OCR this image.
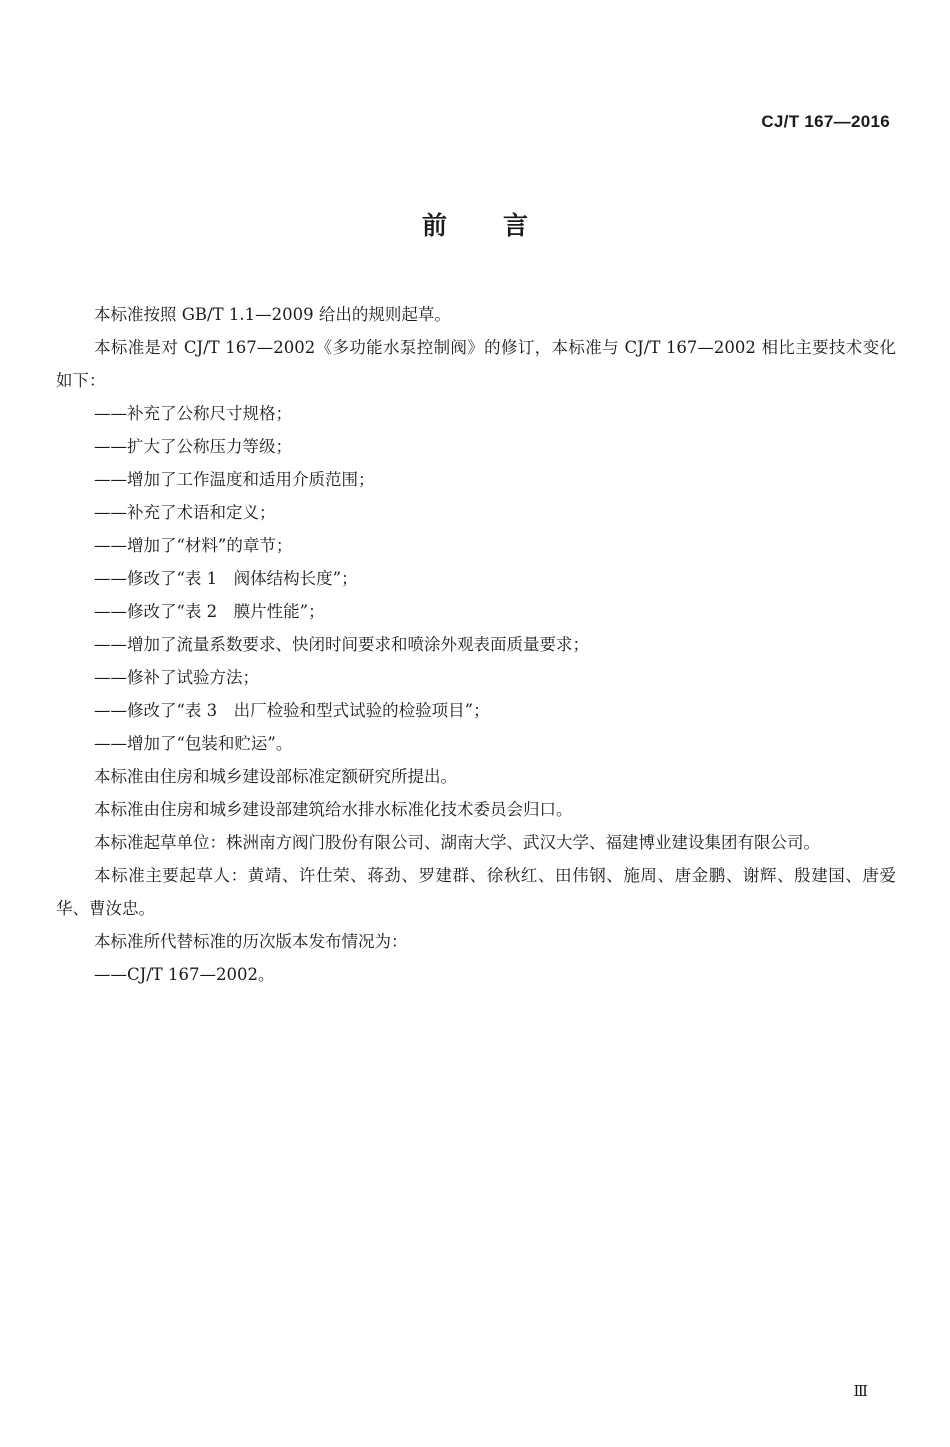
CJ/T 167—2016
前言

本标准按照 GB/T 1.1—2009 给出的规则起草。

本标准是对 CJ/T 167—2002《多功能水泵控制阀》的修订，本标准与 CJ/T 167—2002 相比主要技术变化如下：

——补充了公称尺寸规格；

——扩大了公称压力等级；

——增加了工作温度和适用介质范围；

——补充了术语和定义；

——增加了“材料”的章节；

——修改了“表 1　阀体结构长度”；

——修改了“表 2　膜片性能”；

——增加了流量系数要求、快闭时间要求和喷涂外观表面质量要求；

——修补了试验方法；

——修改了“表 3　出厂检验和型式试验的检验项目”；

——增加了“包装和贮运”。

本标准由住房和城乡建设部标准定额研究所提出。

本标准由住房和城乡建设部建筑给水排水标准化技术委员会归口。

本标准起草单位：株洲南方阀门股份有限公司、湖南大学、武汉大学、福建博业建设集团有限公司。

本标准主要起草人：黄靖、许仕荣、蒋劲、罗建群、徐秋红、田伟钢、施周、唐金鹏、谢辉、殷建国、唐爱华、曹汝忠。

本标准所代替标准的历次版本发布情况为：

——CJ/T 167—2002。

Ⅲ
